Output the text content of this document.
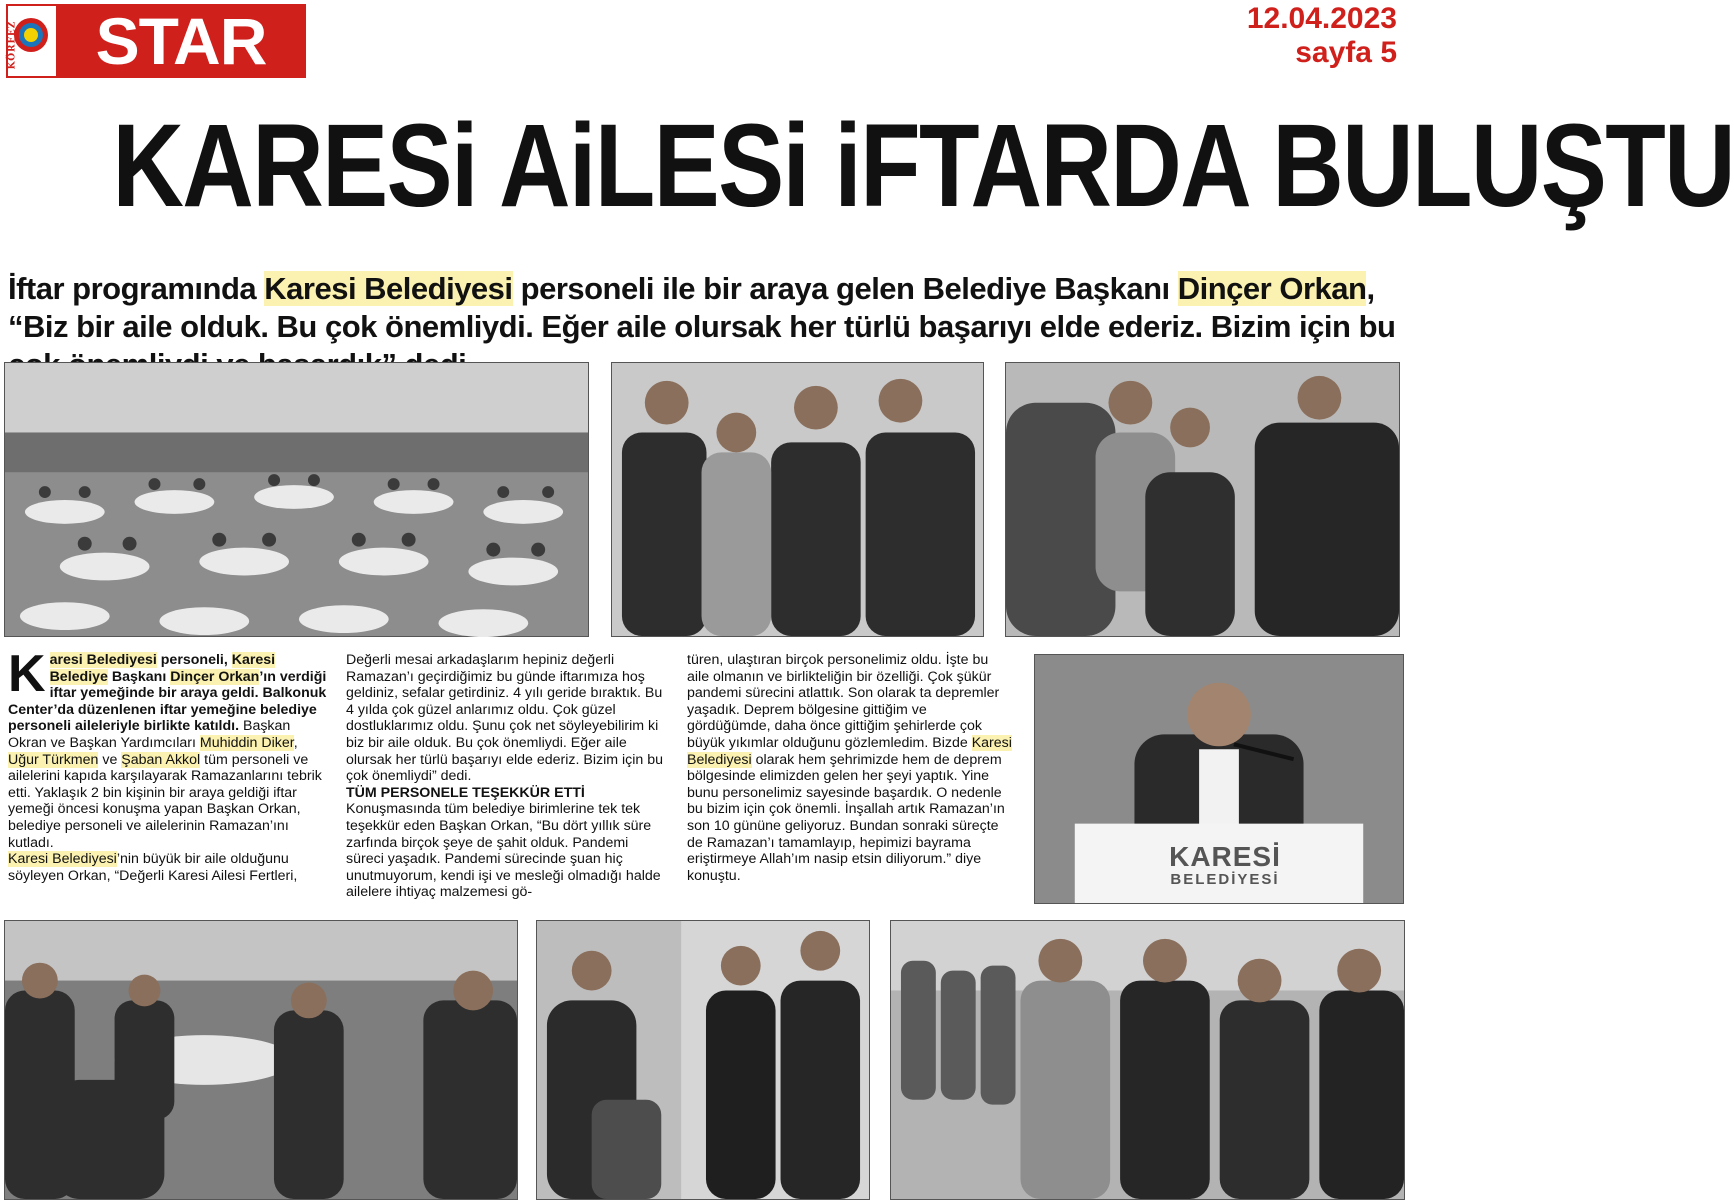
KÖRFEZ	STAR	12.04.2023
sayfa 5
KARESi AiLESi iFTARDA BULUŞTU
İftar programında Karesi Belediyesi personeli ile bir araya gelen Belediye Başkanı Dinçer Orkan, “Biz bir aile olduk. Bu çok önemliydi. Eğer aile olursak her türlü başarıyı elde ederiz. Bizim için bu

Karesi Belediyesi personeli, Karesi Belediye Başkanı Dinçer Orkan’ın verdiği iftar yemeğinde bir araya geldi. Balkonuk Center’da düzenlenen iftar yemeğine belediye personeli aileleriyle birlikte katıldı. Başkan Okran ve Başkan Yardımcıları Muhiddin Diker, Uğur Türkmen ve Şaban Akkol tüm personeli ve ailelerini kapıda karşılayarak Ramazanlarını tebrik etti. Yaklaşık 2 bin kişinin bir araya geldiği iftar yemeği öncesi konuşma yapan Başkan Orkan, belediye personeli ve ailelerinin Ramazan’ını kutladı.

Karesi Belediyesi’nin büyük bir aile olduğunu söyleyen Orkan, “Değerli Karesi Ailesi Fertleri,

Değerli mesai arkadaşlarım hepiniz değerli Ramazan’ı geçirdiğimiz bu günde iftarımıza hoş geldiniz, sefalar getirdiniz. 4 yılı geride bıraktık. Bu 4 yılda çok güzel anlarımız oldu. Çok güzel dostluklarımız oldu. Şunu çok net söyleyebilirim ki biz bir aile olduk. Bu çok önemliydi. Eğer aile olursak her türlü başarıyı elde ederiz. Bizim için bu çok önemliydi” dedi.

TÜM PERSONELE TEŞEKKÜR ETTİ

Konuşmasında tüm belediye birimlerine tek tek teşekkür eden Başkan Orkan, “Bu dört yıllık süre zarfında birçok şeye de şahit olduk. Pandemi süreci yaşadık. Pandemi sürecinde şuan hiç unutmuyorum, kendi işi ve mesleği olmadığı halde ailelere ihtiyaç malzemesi gö-

türen, ulaştıran birçok personelimiz oldu. İşte bu aile olmanın ve birlikteliğin bir özelliği. Çok şükür pandemi sürecini atlattık. Son olarak ta depremler yaşadık. Deprem bölgesine gittiğim ve gördüğümde, daha önce gittiğim şehirlerde çok büyük yıkımlar olduğunu gözlemledim. Bizde Karesi Belediyesi olarak hem şehrimizde hem de deprem bölgesinde elimizden gelen her şeyi yaptık. Yine bunu personelimiz sayesinde başardık. O nedenle bu bizim için çok önemli. İnşallah artık Ramazan’ın son 10 gününe geliyoruz. Bundan sonraki süreçte de Ramazan’ı tamamlayıp, hepimizi bayrama eriştirmeye Allah’ım nasip etsin diliyorum.” diye konuştu.

KARESİ
BELEDİYESİ
